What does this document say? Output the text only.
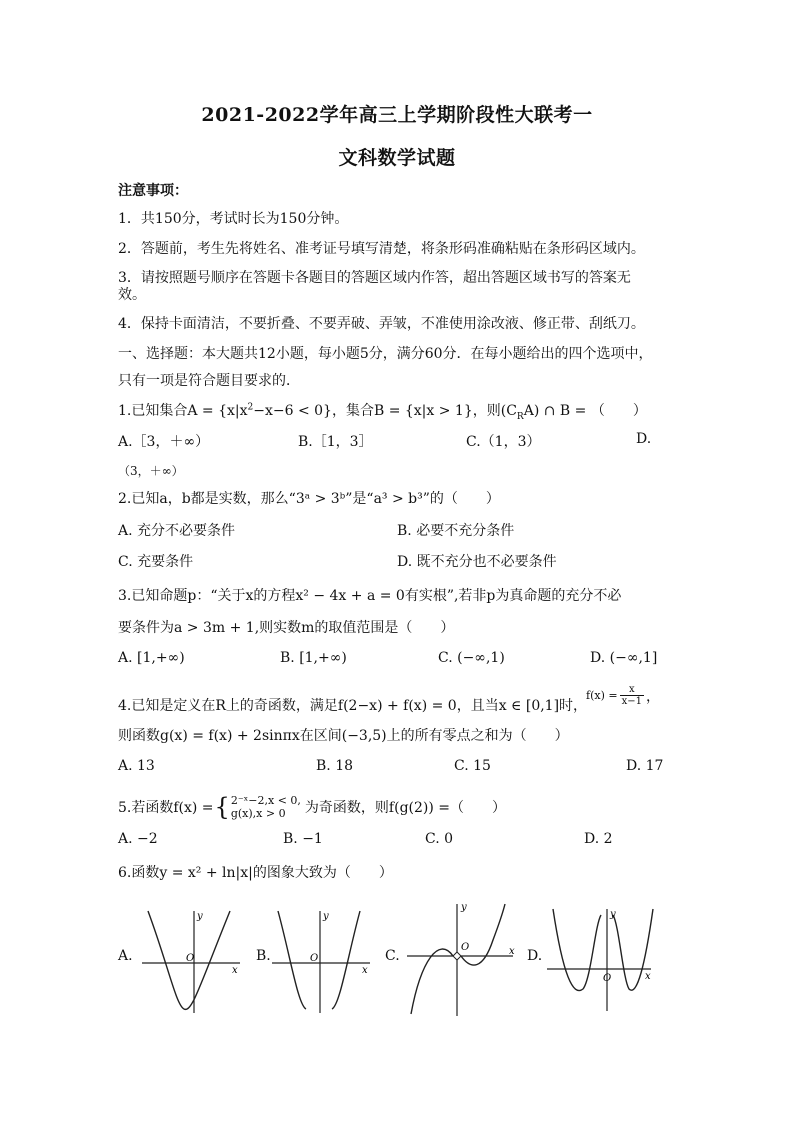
2021-2022学年高三上学期阶段性大联考一
文科数学试题
注意事项：
1．共150分，考试时长为150分钟。
2．答题前，考生先将姓名、准考证号填写清楚，将条形码准确粘贴在条形码区域内。
3．请按照题号顺序在答题卡各题目的答题区域内作答，超出答题区域书写的答案无
效。
4．保持卡面清洁，不要折叠、不要弄破、弄皱，不准使用涂改液、修正带、刮纸刀。
一、选择题：本大题共12小题，每小题5分，满分60分．在每小题给出的四个选项中，
只有一项是符合题目要求的．
1.已知集合$A = \{x|x^2-x-6 < 0\}$，集合B = {x|x > 1}，则$(C_RA)$ ∩ B = （　　）
A.［3，＋∞）	B.［1，3］	C.（1，3）	D.
（3，＋∞）
2.已知a，b都是实数，那么“3ᵃ > 3ᵇ”是“a³ > b³”的（　　）
A. 充分不必要条件	B. 必要不充分条件
C. 充要条件	D. 既不充分也不必要条件
3.已知命题p：“关于x的方程x² − 4x + a = 0有实根”,若非p为真命题的充分不必
要条件为a > 3m + 1,则实数m的取值范围是（　　）
A. [1,+∞)	B. [1,+∞)	C. (−∞,1)	D. (−∞,1]
4.已知是定义在R上的奇函数，满足f(2−x) + f(x) = 0，且当x ∈ [0,1]时，
$f(x) = \frac{x}{x-1}$ ，
则函数g(x) = f(x) + 2sinπx在区间(−3,5)上的所有零点之和为（　　）
A. 13	B. 18	C. 15	D. 17
5.若函数f(x) = { 2⁻ˣ−2,x < 0,
g(x),x > 0	为奇函数，则f(g(2)) =（　　）
A. −2	B. −1	C. 0	D. 2
6.函数y = x² + ln|x|的图象大致为（　　）
A.
y
x
O	B.
y
x
O	C.
y
x
O
D.
y
x
O
